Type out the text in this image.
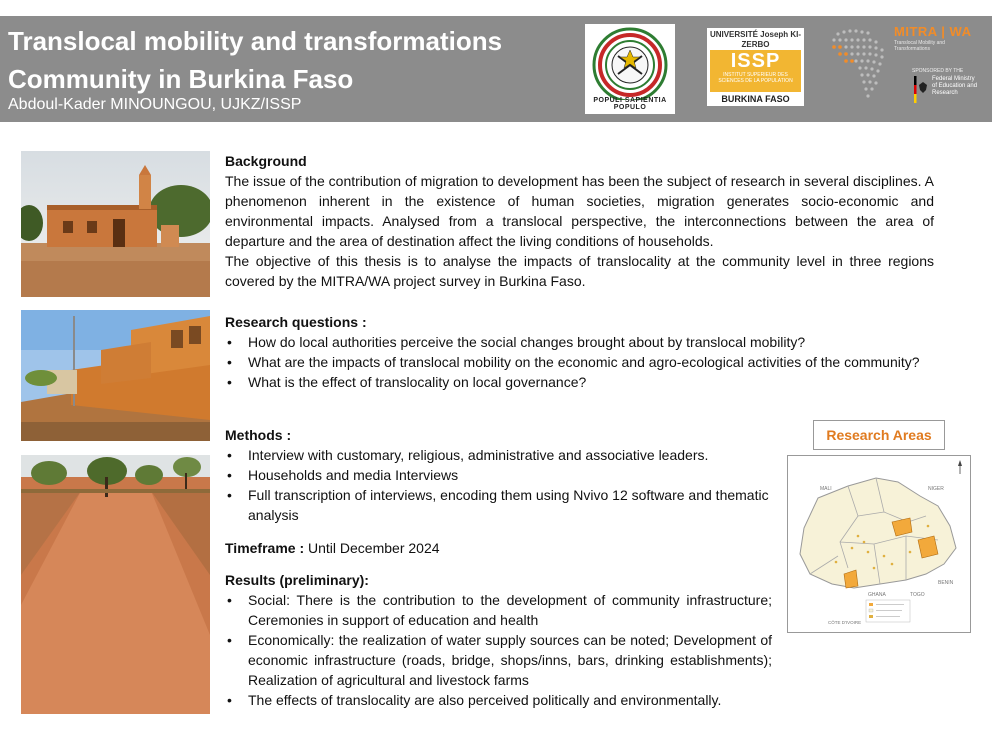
Translocal mobility and transformations
Community in Burkina Faso
Abdoul-Kader MINOUNGOU, UJKZ/ISSP	POPULI SAPIENTIA POPULO
UNIVERSITÉ Joseph KI-ZERBO
ISSP
INSTITUT SUPERIEUR DES SCIENCES DE LA POPULATION
BURKINA FASO
MITRA | WA
Translocal Mobility and Transformations
SPONSORED BY THE
Federal Ministry of Education and Research
Background

The issue of the contribution of migration to development has been the subject of research in several disciplines. A phenomenon inherent in the existence of human societies, migration generates socio-economic and environmental impacts. Analysed from a translocal perspective, the interconnections between the area of departure and the area of destination affect the living conditions of households.

The objective of this thesis is to analyse the impacts of translocality at the community level in three regions covered by the MITRA/WA project survey in Burkina Faso.

Research questions :
• How do local authorities perceive the social changes brought about by translocal mobility?
• What are the impacts of translocal mobility on the economic and agro-ecological activities of the community?
• What is the effect of translocality on local governance?
Methods :
• Interview with customary, religious, administrative and associative leaders.
• Households and media Interviews
• Full transcription of interviews, encoding them using Nvivo 12 software and thematic analysis
Timeframe : Until December 2024
Results (preliminary):
• Social: There is the contribution to the development of community infrastructure; Ceremonies in support of education and health
• Economically: the realization of water supply sources can be noted; Development of economic infrastructure (roads, bridge, shops/inns, bars, drinking establishments); Realization of agricultural and livestock farms
• The effects of translocality are also perceived politically and environmentally.
Research Areas
MALI	NIGER
GHANA	TOGO
BENIN
CÔTE D'IVOIRE
